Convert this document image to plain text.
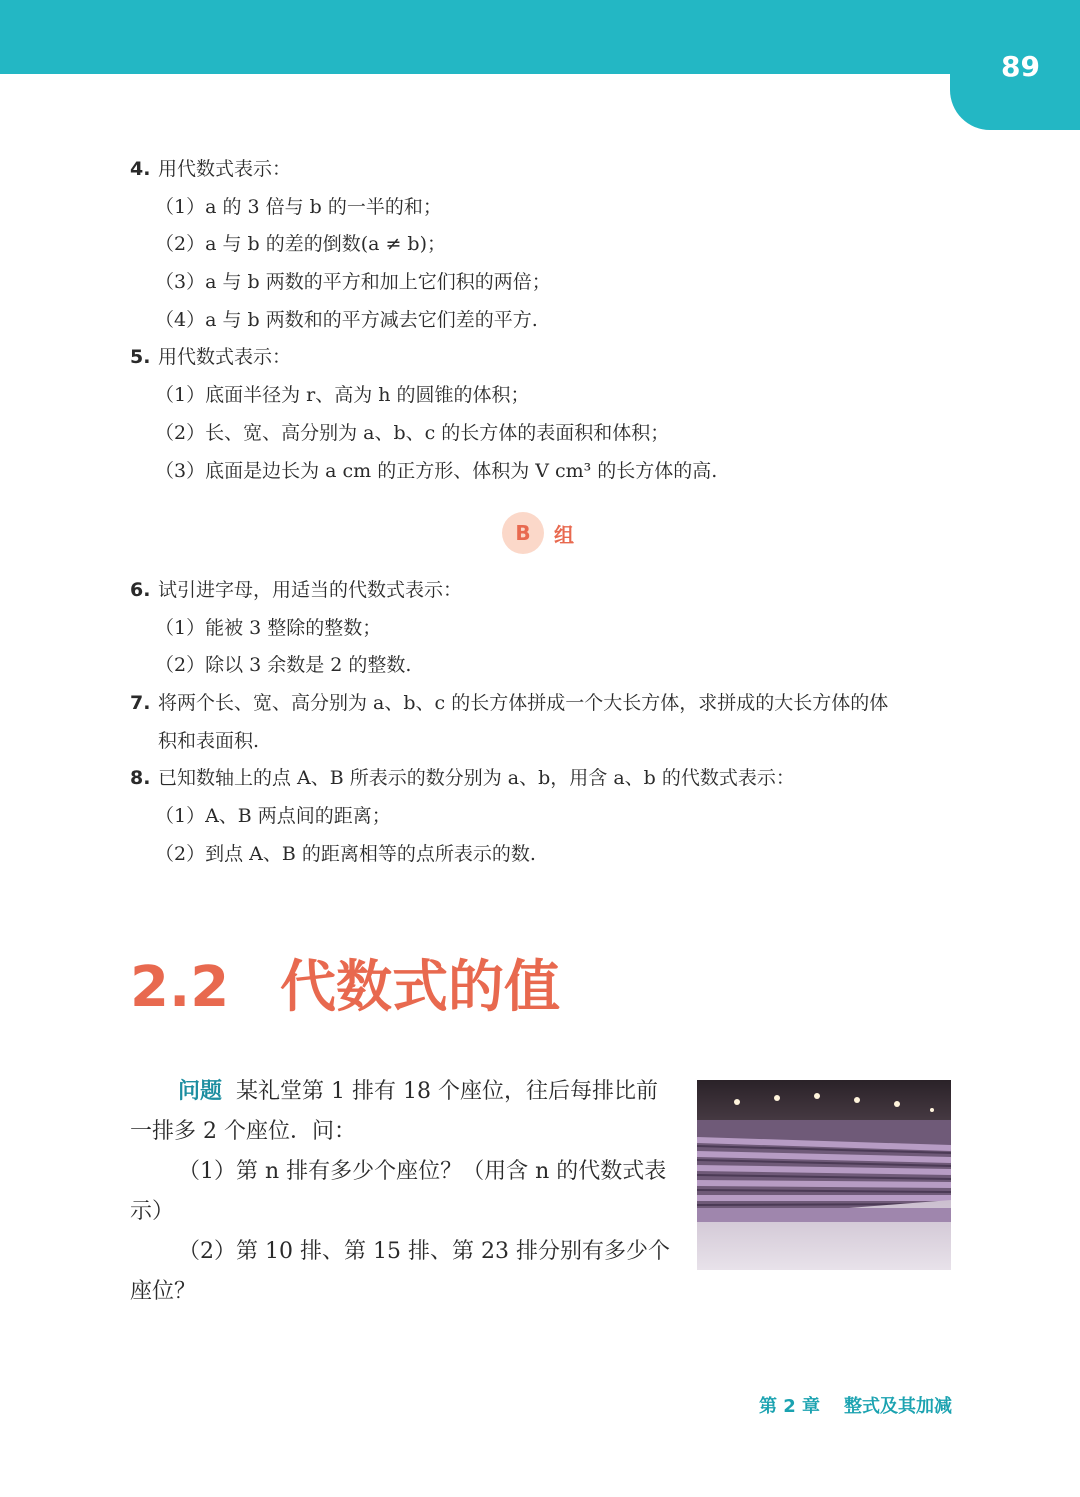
89
4. 用代数式表示：
（1）a 的 3 倍与 b 的一半的和；
（2）a 与 b 的差的倒数(a ≠ b)；
（3）a 与 b 两数的平方和加上它们积的两倍；
（4）a 与 b 两数和的平方减去它们差的平方.
5. 用代数式表示：
（1）底面半径为 r、高为 h 的圆锥的体积；
（2）长、宽、高分别为 a、b、c 的长方体的表面积和体积；
（3）底面是边长为 a cm 的正方形、体积为 V cm³ 的长方体的高.
B	组
6. 试引进字母，用适当的代数式表示：
（1）能被 3 整除的整数；
（2）除以 3 余数是 2 的整数.
7. 将两个长、宽、高分别为 a、b、c 的长方体拼成一个大长方体，求拼成的大长方体的体
积和表面积.
8. 已知数轴上的点 A、B 所表示的数分别为 a、b，用含 a、b 的代数式表示：
（1）A、B 两点间的距离；
（2）到点 A、B 的距离相等的点所表示的数.
2.2 代数式的值

问题 某礼堂第 1 排有 18 个座位，往后每排比前一排多 2 个座位．问：

（1）第 n 排有多少个座位？（用含 n 的代数式表示）

（2）第 10 排、第 15 排、第 23 排分别有多少个座位？

第 2 章 整式及其加减
